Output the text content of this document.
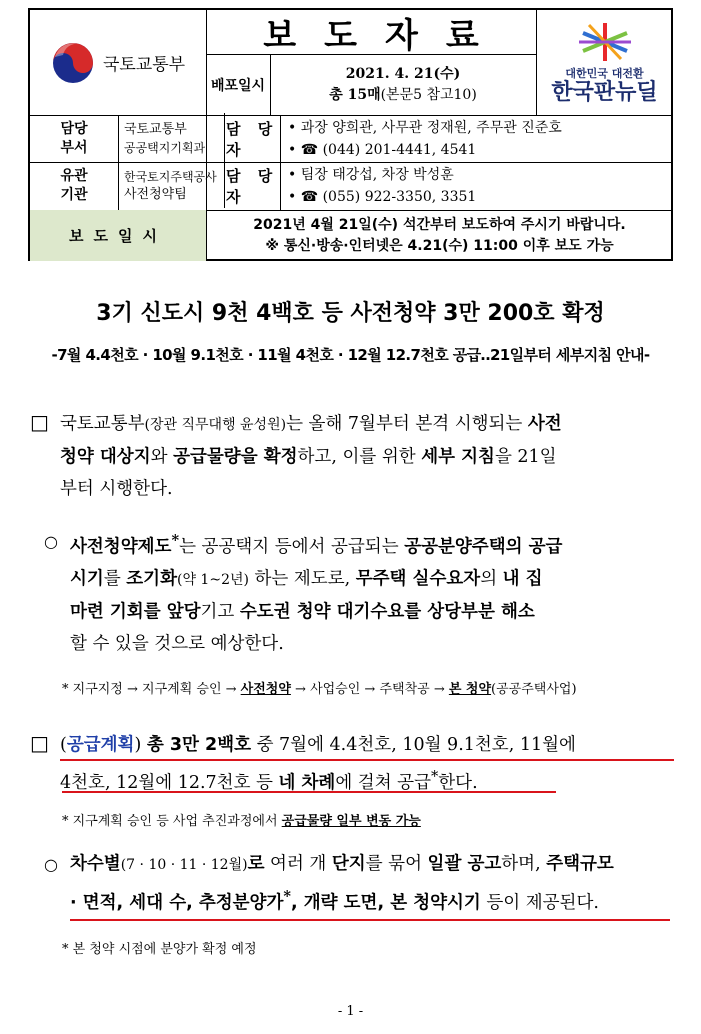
국토교통부
보도자료
배포일시
2021. 4. 21(수)
총 15매(본문5 참고10)
대한민국 대전환
한국판뉴딜
담당
부서
국토교통부
공공택지기획과
담 당 자
• 과장 양희관, 사무관 정재원, 주무관 진준호
• ☎ (044) 201-4441, 4541
유관
기관
한국토지주택공사
사전청약팀
담 당 자
• 팀장 태강섭, 차장 박성훈
• ☎ (055) 922-3350, 3351
보도일시
2021년 4월 21일(수) 석간부터 보도하여 주시기 바랍니다.
※ 통신·방송·인터넷은 4.21(수) 11:00 이후 보도 가능
3기 신도시 9천 4백호 등 사전청약 3만 200호 확정
-7월 4.4천호 · 10월 9.1천호 · 11월 4천호 · 12월 12.7천호 공급‥21일부터 세부지침 안내-
□ 국토교통부(장관 직무대행 윤성원)는 올해 7월부터 본격 시행되는 사전
청약 대상지와 공급물량을 확정하고, 이를 위한 세부 지침을 21일
부터 시행한다.
○ 사전청약제도*는 공공택지 등에서 공급되는 공공분양주택의 공급
시기를 조기화(약 1~2년) 하는 제도로, 무주택 실수요자의 내 집
마련 기회를 앞당기고 수도권 청약 대기수요를 상당부분 해소
할 수 있을 것으로 예상한다.
* 지구지정 → 지구계획 승인 → 사전청약 → 사업승인 → 주택착공 → 본 청약(공공주택사업)
□ (공급계획) 총 3만 2백호 중 7월에 4.4천호, 10월 9.1천호, 11월에
4천호, 12월에 12.7천호 등 네 차례에 걸쳐 공급*한다.
* 지구계획 승인 등 사업 추진과정에서 공급물량 일부 변동 가능
○ 차수별(7 · 10 · 11 · 12월)로 여러 개 단지를 묶어 일괄 공고하며, 주택규모
· 면적, 세대 수, 추정분양가*, 개략 도면, 본 청약시기 등이 제공된다.
* 본 청약 시점에 분양가 확정 예정
- 1 -
